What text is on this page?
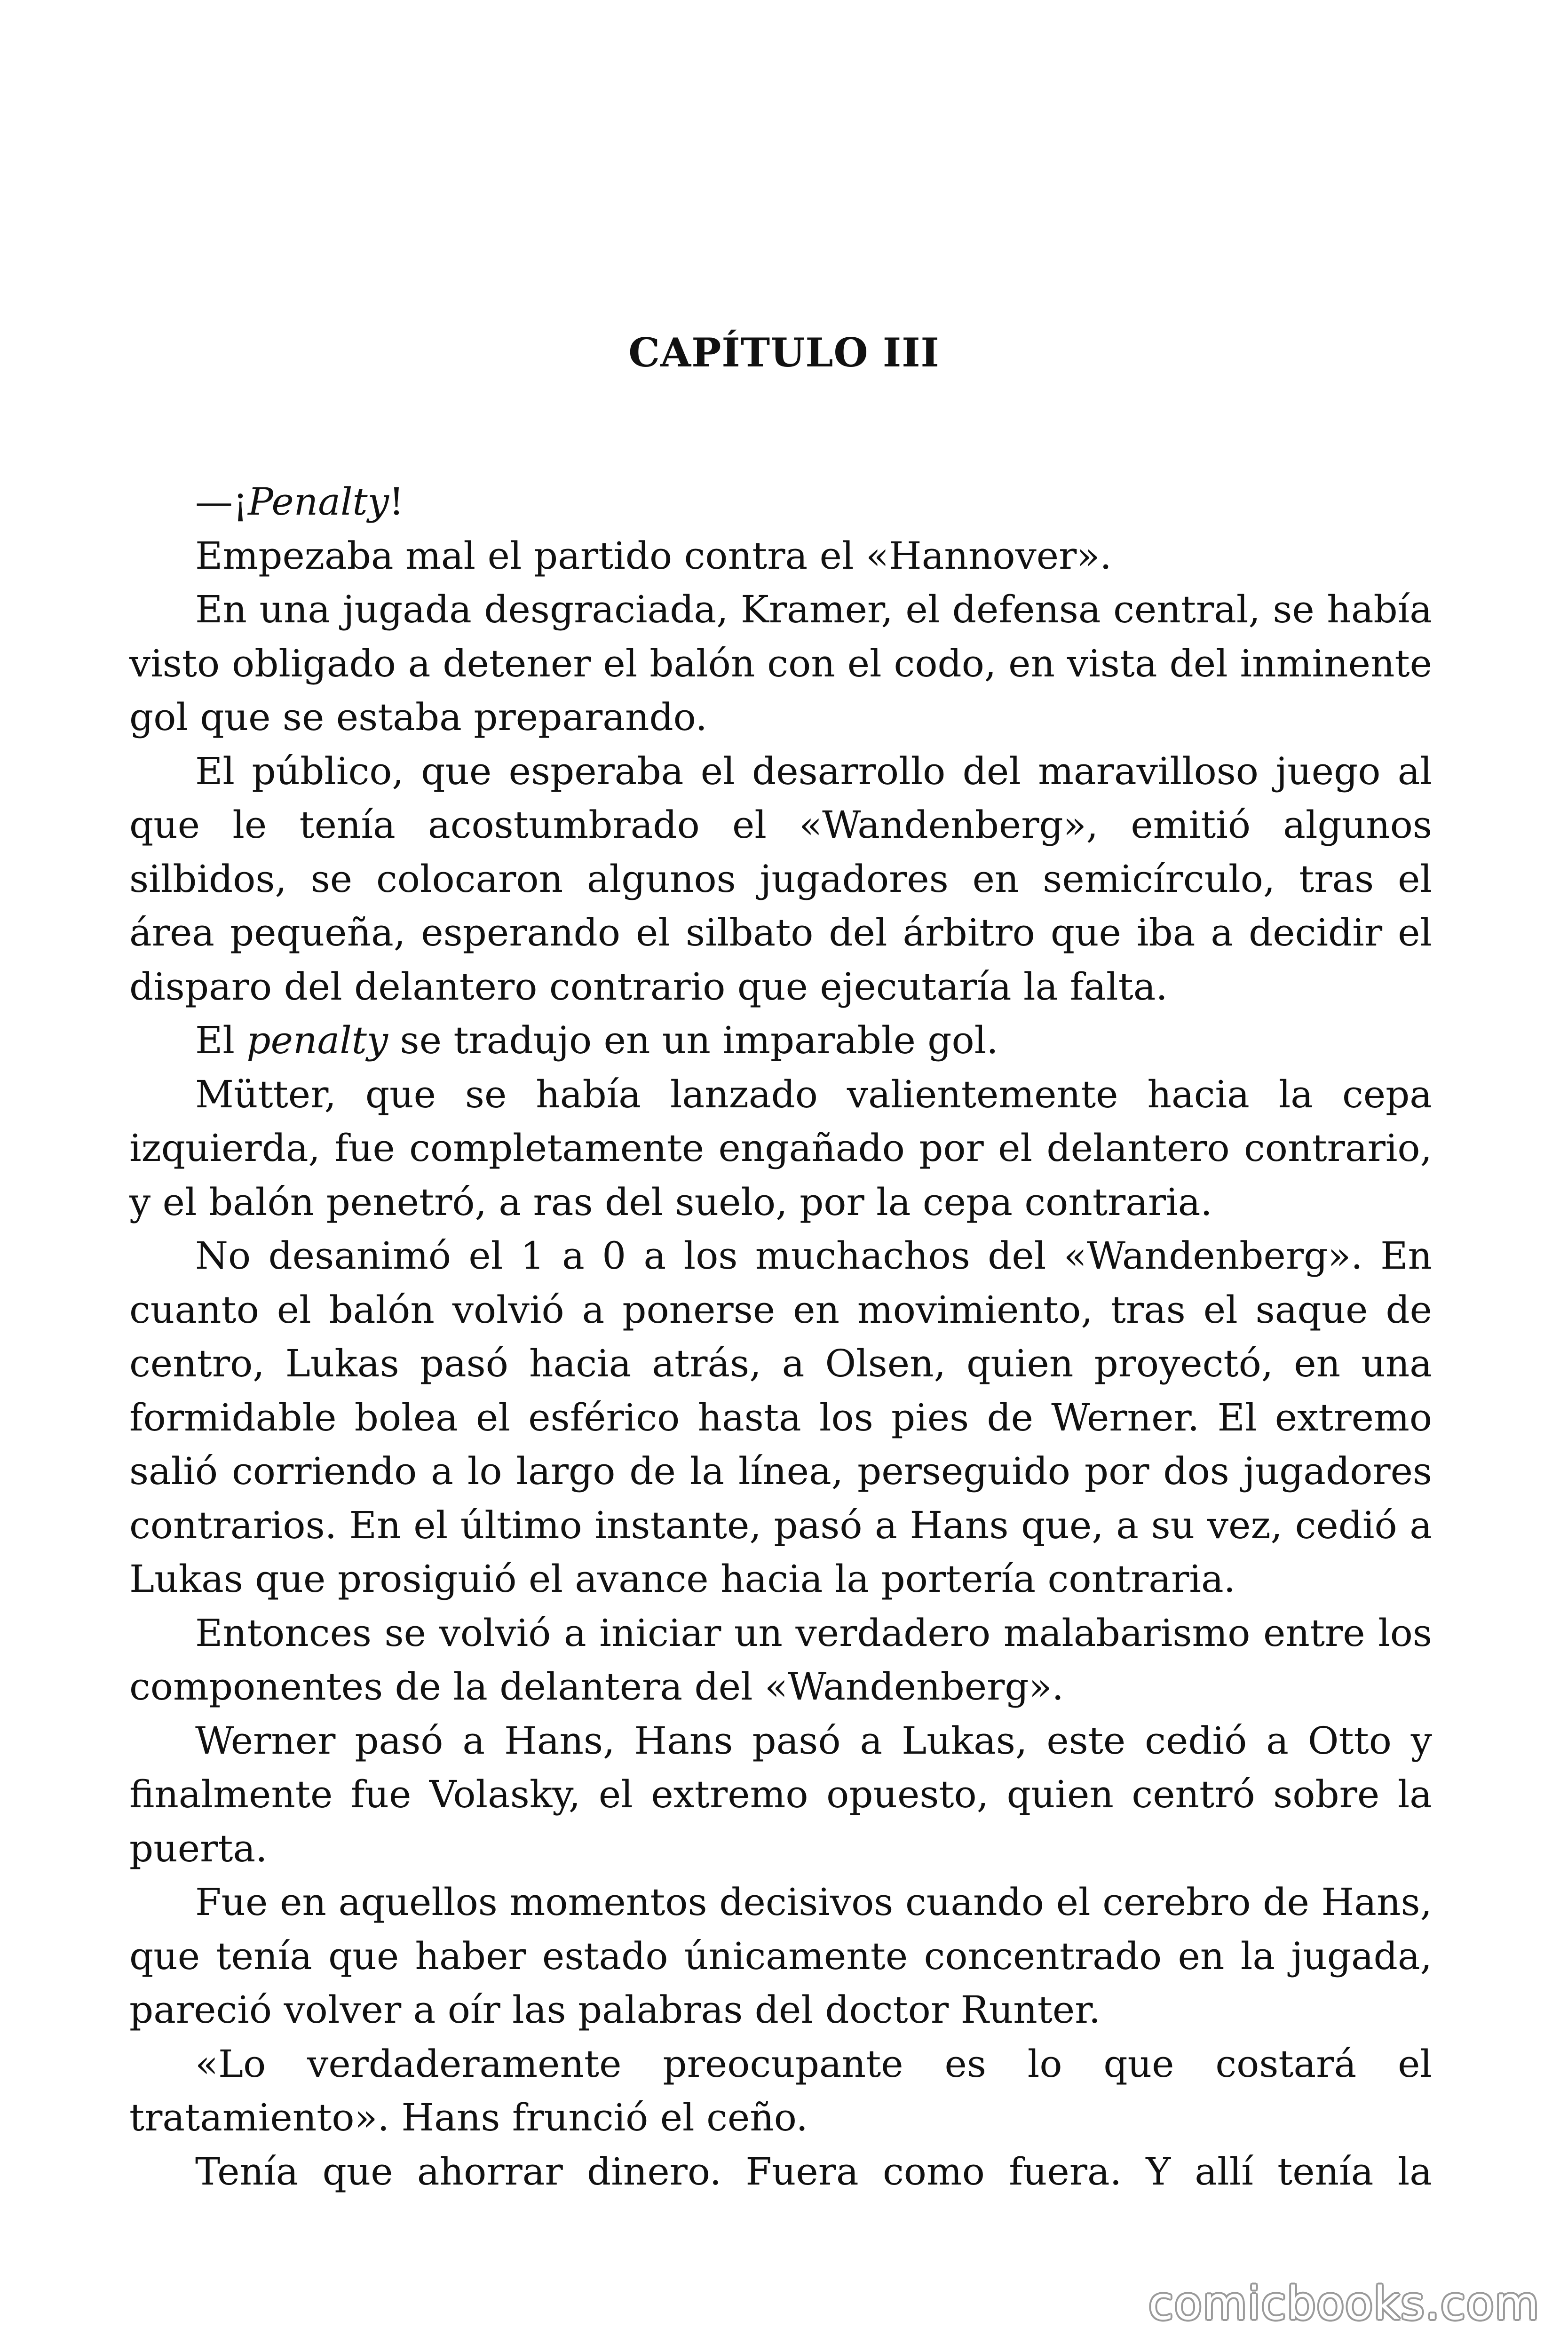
CAPÍTULO III

—¡Penalty!

Empezaba mal el partido contra el «Hannover».

En una jugada desgraciada, Kramer, el defensa central, se había visto obligado a detener el balón con el codo, en vista del inminente gol que se estaba preparando.

El público, que esperaba el desarrollo del maravilloso juego al que le tenía acostumbrado el «Wandenberg», emitió algunos silbidos, se colocaron algunos jugadores en semicírculo, tras el área pequeña, esperando el silbato del árbitro que iba a decidir el disparo del delantero contrario que ejecutaría la falta.

El penalty se tradujo en un imparable gol.

Mütter, que se había lanzado valientemente hacia la cepa izquierda, fue completamente engañado por el delantero contrario, y el balón penetró, a ras del suelo, por la cepa contraria.

No desanimó el 1 a 0 a los muchachos del «Wandenberg». En cuanto el balón volvió a ponerse en movimiento, tras el saque de centro, Lukas pasó hacia atrás, a Olsen, quien proyectó, en una formidable bolea el esférico hasta los pies de Werner. El extremo salió corriendo a lo largo de la línea, perseguido por dos jugadores contrarios. En el último instante, pasó a Hans que, a su vez, cedió a Lukas que prosiguió el avance hacia la portería contraria.

Entonces se volvió a iniciar un verdadero malabarismo entre los componentes de la delantera del «Wandenberg».

Werner pasó a Hans, Hans pasó a Lukas, este cedió a Otto y finalmente fue Volasky, el extremo opuesto, quien centró sobre la puerta.

Fue en aquellos momentos decisivos cuando el cerebro de Hans, que tenía que haber estado únicamente concentrado en la jugada, pareció volver a oír las palabras del doctor Runter.

«Lo verdaderamente preocupante es lo que costará el tratamiento». Hans frunció el ceño.

Tenía que ahorrar dinero. Fuera como fuera. Y allí tenía la

comicbooks.com
